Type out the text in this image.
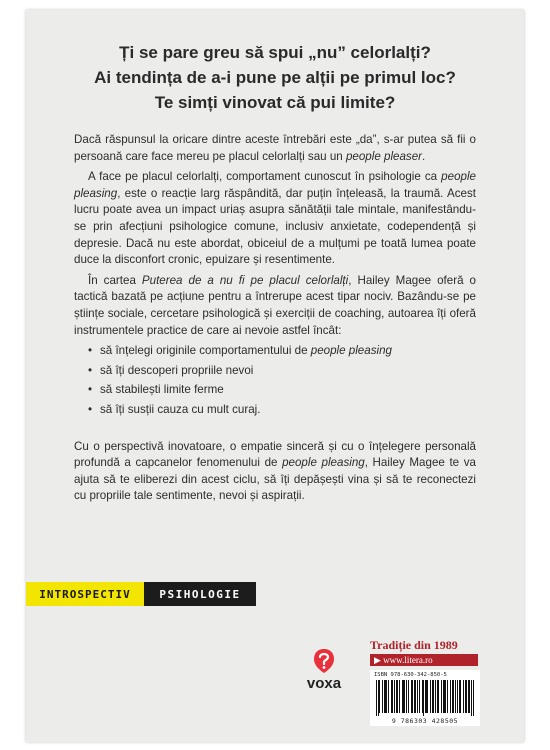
Ți se pare greu să spui „nu” celorlalți?
Ai tendința de a-i pune pe alții pe primul loc?
Te simți vinovat că pui limite?

Dacă răspunsul la oricare dintre aceste întrebări este „da”, s-ar putea să fii o persoană care face mereu pe placul celorlalți sau un people pleaser.

A face pe placul celorlalți, comportament cunoscut în psihologie ca people pleasing, este o reacție larg răspândită, dar puțin înțeleasă, la traumă. Acest lucru poate avea un impact uriaș asupra sănătății tale mintale, manifestându-se prin afecțiuni psihologice comune, inclusiv anxietate, codependență și depresie. Dacă nu este abordat, obiceiul de a mulțumi pe toată lumea poate duce la disconfort cronic, epuizare și resentimente.

În cartea Puterea de a nu fi pe placul celorlalți, Hailey Magee oferă o tactică bazată pe acțiune pentru a întrerupe acest tipar nociv. Bazându-se pe științe sociale, cercetare psihologică și exerciții de coaching, autoarea îți oferă instrumentele practice de care ai nevoie astfel încât:

• să înțelegi originile comportamentului de people pleasing
• să îți descoperi propriile nevoi
• să stabilești limite ferme
• să îți susții cauza cu mult curaj.

Cu o perspectivă inovatoare, o empatie sinceră și cu o înțelegere personală profundă a capcanelor fenomenului de people pleasing, Hailey Magee te va ajuta să te eliberezi din acest ciclu, să îți depășești vina și să te reconectezi cu propriile tale sentimente, nevoi și aspirații.

INTROSPECTIV	PSIHOLOGIE
voxa
Tradiție din 1989
▶ www.litera.ro
ISBN 978-630-342-850-5
9 786303 428505
